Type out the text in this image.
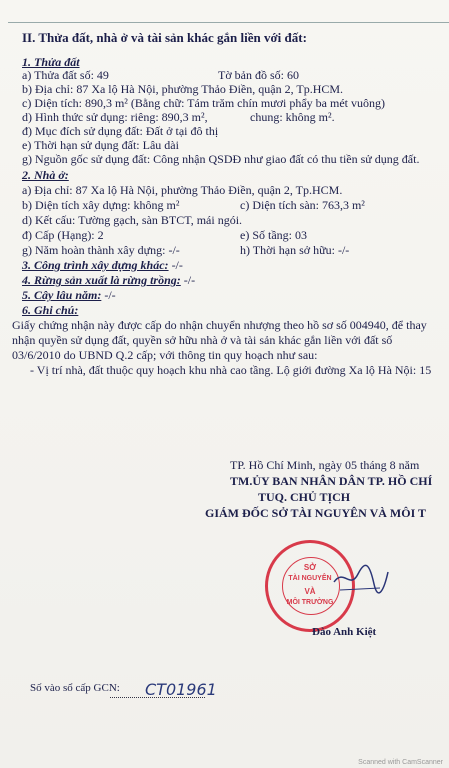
II. Thửa đất, nhà ở và tài sản khác gắn liền với đất:
1. Thửa đất
a) Thửa đất số: 49	Tờ bản đồ số: 60
b) Địa chỉ: 87 Xa lộ Hà Nội, phường Thảo Điền, quận 2, Tp.HCM.
c) Diện tích: 890,3 m² (Bằng chữ: Tám trăm chín mươi phẩy ba mét vuông)
d) Hình thức sử dụng: riêng: 890,3 m²,	chung: không m².
đ) Mục đích sử dụng đất: Đất ở tại đô thị
e) Thời hạn sử dụng đất: Lâu dài
g) Nguồn gốc sử dụng đất: Công nhận QSDĐ như giao đất có thu tiền sử dụng đất.
2. Nhà ở:
a) Địa chỉ: 87 Xa lộ Hà Nội, phường Thảo Điền, quận 2, Tp.HCM.
b) Diện tích xây dựng: không m²	c) Diện tích sàn: 763,3 m²
d) Kết cấu: Tường gạch, sàn BTCT, mái ngói.
đ) Cấp (Hạng): 2	e) Số tầng: 03
g) Năm hoàn thành xây dựng: -/-	h) Thời hạn sở hữu: -/-
3. Công trình xây dựng khác: -/-
4. Rừng sản xuất là rừng trồng: -/-
5. Cây lâu năm: -/-
6. Ghi chú:
Giấy chứng nhận này được cấp do nhận chuyển nhượng theo hồ sơ số 004940, để thay
nhận quyền sử dụng đất, quyền sở hữu nhà ở và tài sản khác gắn liền với đất số
03/6/2010 do UBND Q.2 cấp; với thông tin quy hoạch như sau:
- Vị trí nhà, đất thuộc quy hoạch khu nhà cao tầng. Lộ giới đường Xa lộ Hà Nội: 15
TP. Hồ Chí Minh, ngày 05 tháng 8 năm
TM.ỦY BAN NHÂN DÂN TP. HỒ CHÍ
TUQ. CHỦ TỊCH
GIÁM ĐỐC SỞ TÀI NGUYÊN VÀ MÔI T
SỞ
TÀI NGUYÊN
VÀ
MÔI TRƯỜNG
Đào Anh Kiệt
Số vào sổ cấp GCN: CT01961
Scanned with CamScanner
